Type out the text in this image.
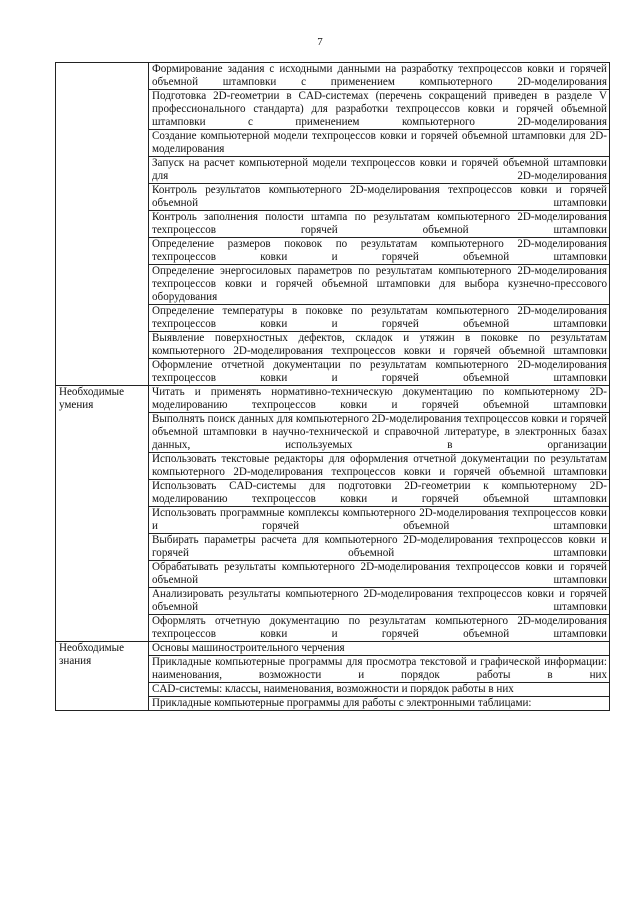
7
	Формирование задания с исходными данными на разработку техпроцессов ковки и горячей объемной штамповки с применением компьютерного 2D-моделирования
	Подготовка 2D-геометрии в CAD-системах (перечень сокращений приведен в разделе V профессионального стандарта) для разработки техпроцессов ковки и горячей объемной штамповки с применением компьютерного 2D-моделирования
	Создание компьютерной модели техпроцессов ковки и горячей объемной штамповки для 2D-моделирования
	Запуск на расчет компьютерной модели техпроцессов ковки и горячей объемной штамповки для 2D-моделирования
	Контроль результатов компьютерного 2D-моделирования техпроцессов ковки и горячей объемной штамповки
	Контроль заполнения полости штампа по результатам компьютерного 2D-моделирования техпроцессов горячей объемной штамповки
	Определение размеров поковок по результатам компьютерного 2D-моделирования техпроцессов ковки и горячей объемной штамповки
	Определение энергосиловых параметров по результатам компьютерного 2D-моделирования техпроцессов ковки и горячей объемной штамповки для выбора кузнечно-прессового оборудования
	Определение температуры в поковке по результатам компьютерного 2D-моделирования техпроцессов ковки и горячей объемной штамповки
	Выявление поверхностных дефектов, складок и утяжин в поковке по результатам компьютерного 2D-моделирования техпроцессов ковки и горячей объемной штамповки
	Оформление отчетной документации по результатам компьютерного 2D-моделирования техпроцессов ковки и горячей объемной штамповки
Необходимые умения	Читать и применять нормативно-техническую документацию по компьютерному 2D-моделированию техпроцессов ковки и горячей объемной штамповки
	Выполнять поиск данных для компьютерного 2D-моделирования техпроцессов ковки и горячей объемной штамповки в научно-технической и справочной литературе, в электронных базах данных, используемых в организации
	Использовать текстовые редакторы для оформления отчетной документации по результатам компьютерного 2D-моделирования техпроцессов ковки и горячей объемной штамповки
	Использовать CAD-системы для подготовки 2D-геометрии к компьютерному 2D-моделированию техпроцессов ковки и горячей объемной штамповки
	Использовать программные комплексы компьютерного 2D-моделирования техпроцессов ковки и горячей объемной штамповки
	Выбирать параметры расчета для компьютерного 2D-моделирования техпроцессов ковки и горячей объемной штамповки
	Обрабатывать результаты компьютерного 2D-моделирования техпроцессов ковки и горячей объемной штамповки
	Анализировать результаты компьютерного 2D-моделирования техпроцессов ковки и горячей объемной штамповки
	Оформлять отчетную документацию по результатам компьютерного 2D-моделирования техпроцессов ковки и горячей объемной штамповки
Необходимые знания	Основы машиностроительного черчения
	Прикладные компьютерные программы для просмотра текстовой и графической информации: наименования, возможности и порядок работы в них
	CAD-системы: классы, наименования, возможности и порядок работы в них
	Прикладные компьютерные программы для работы с электронными таблицами:
